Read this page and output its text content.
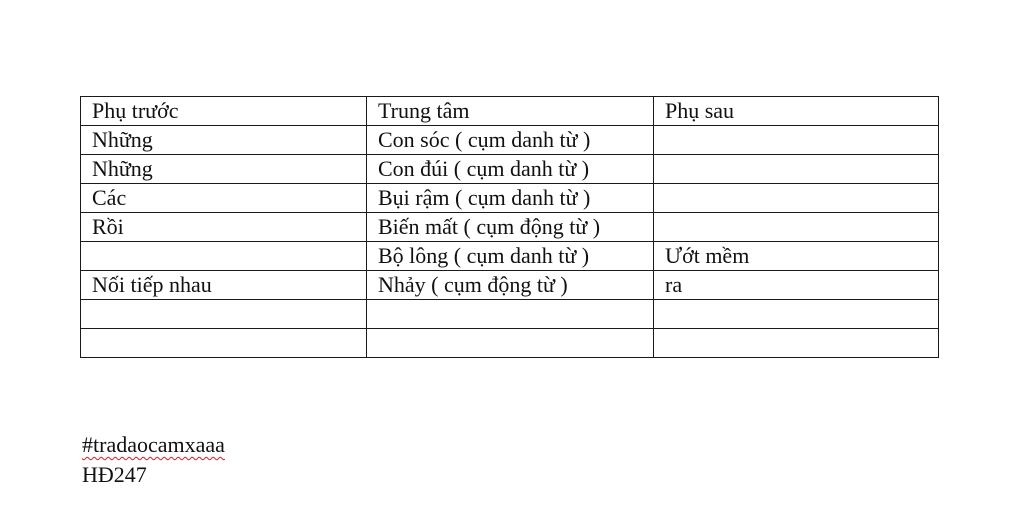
Phụ trước	Trung tâm	Phụ sau
Những	Con sóc ( cụm danh từ )	
Những	Con đúi ( cụm danh từ )	
Các	Bụi rậm ( cụm danh từ )	
Rồi	Biến mất ( cụm động từ )	
	Bộ lông ( cụm danh từ )	Ướt mềm
Nối tiếp nhau	Nhảy ( cụm động từ )	ra

#tradaocamxaaa
HĐ247
